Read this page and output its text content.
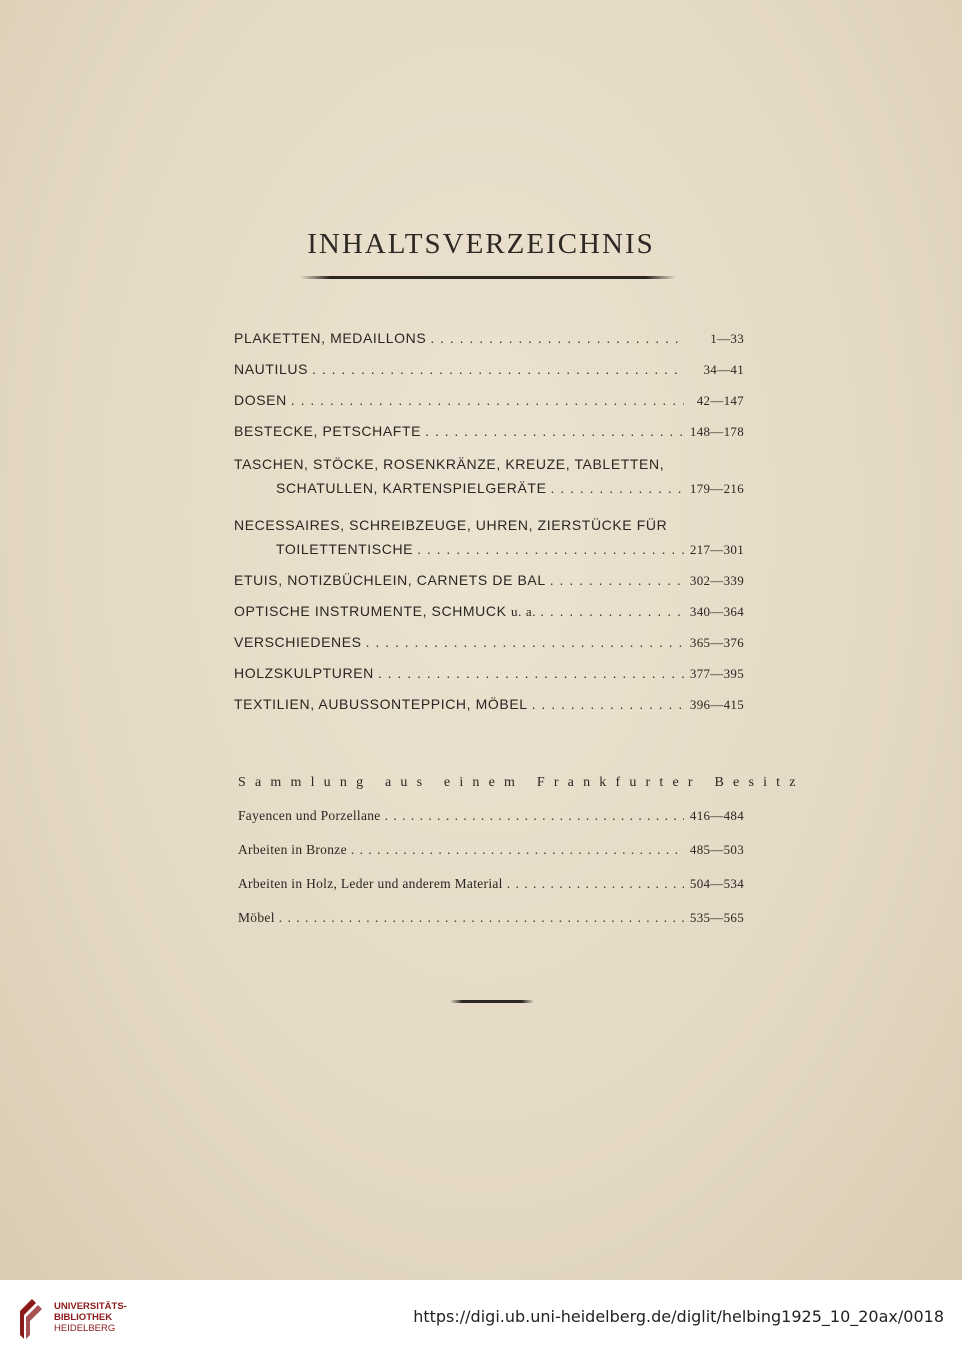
INHALTSVERZEICHNIS
PLAKETTEN, MEDAILLONS . . .	1—33
NAUTILUS . . .	34—41
DOSEN . . .	42—147
BESTECKE, PETSCHAFTE . . .	148—178
TASCHEN, STÖCKE, ROSENKRÄNZE, KREUZE, TABLETTEN,
SCHATULLEN, KARTENSPIELGERÄTE . . .	179—216
NECESSAIRES, SCHREIBZEUGE, UHREN, ZIERSTÜCKE FÜR
TOILETTENTISCHE . . .	217—301
ETUIS, NOTIZBÜCHLEIN, CARNETS DE BAL . . .	302—339
OPTISCHE INSTRUMENTE, SCHMUCK u. a. . . .	340—364
VERSCHIEDENES . . .	365—376
HOLZSKULPTUREN . . .	377—395
TEXTILIEN, AUBUSSONTEPPICH, MÖBEL . . .	396—415
Sammlung aus einem Frankfurter Besitz
Fayencen und Porzellane . . .	416—484
Arbeiten in Bronze . . .	485—503
Arbeiten in Holz, Leder und anderem Material . . .	504—534
Möbel . . .	535—565
UNIVERSITÄTS-
BIBLIOTHEK
HEIDELBERG
https://digi.ub.uni-heidelberg.de/diglit/helbing1925_10_20ax/0018
